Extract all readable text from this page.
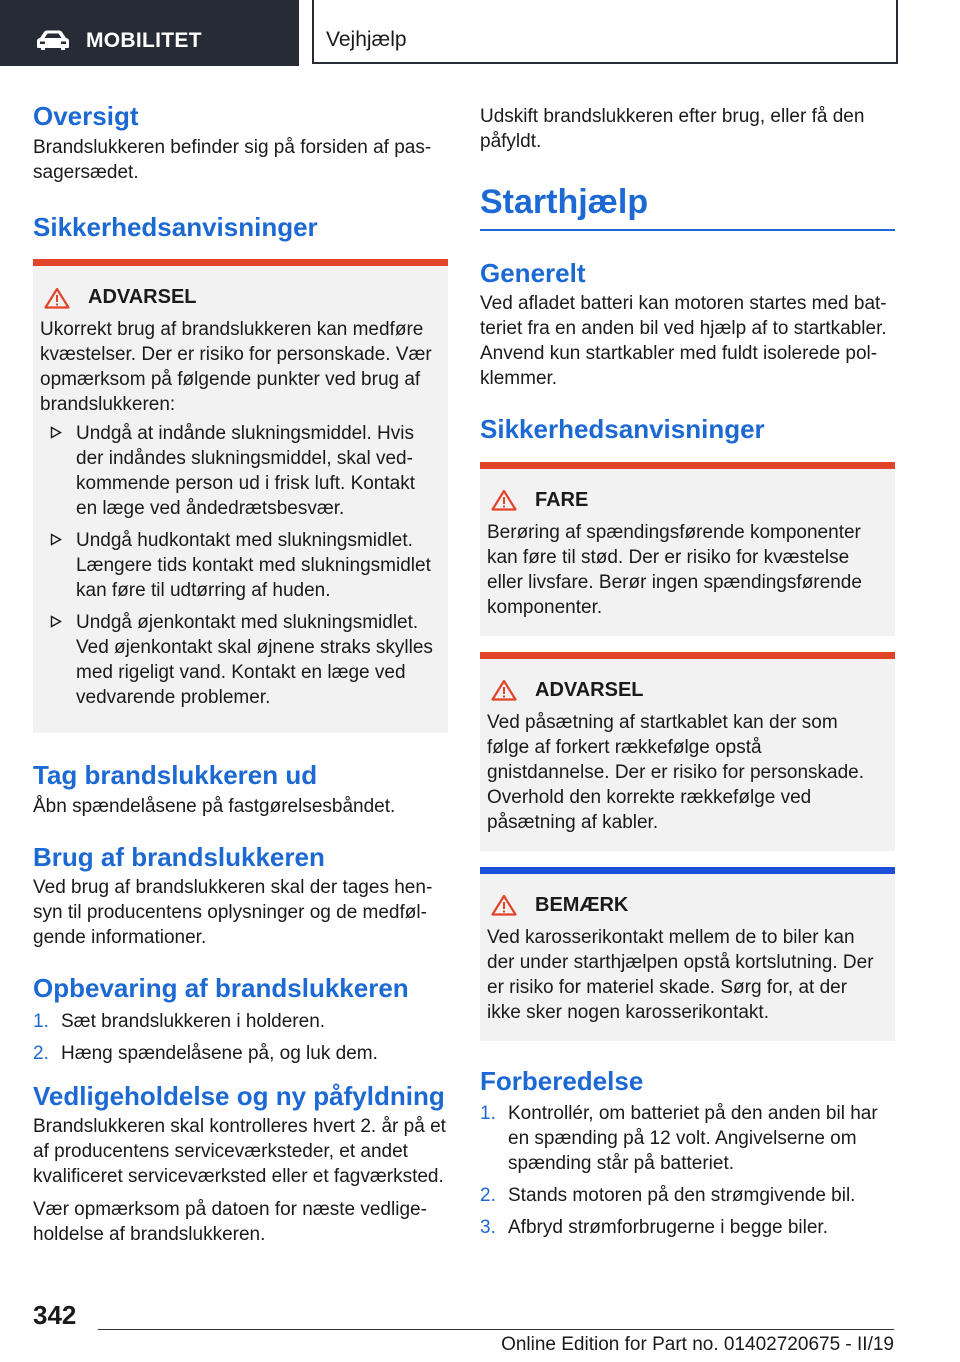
MOBILITET	Vejhjælp
Oversigt

Brandslukkeren befinder sig på forsiden af passagersædet.

Sikkerhedsanvisninger
ADVARSEL

Ukorrekt brug af brandslukkeren kan medføre kvæstelser. Der er risiko for personskade. Vær opmærksom på følgende punkter ved brug af brandslukkeren:

Undgå at indånde slukningsmiddel. Hvis der indåndes slukningsmiddel, skal vedkommende person ud i frisk luft. Kontakt en læge ved åndedrætsbesvær.
Undgå hudkontakt med slukningsmidlet. Længere tids kontakt med slukningsmidlet kan føre til udtørring af huden.
Undgå øjenkontakt med slukningsmidlet. Ved øjenkontakt skal øjnene straks skylles med rigeligt vand. Kontakt en læge ved vedvarende problemer.
Tag brandslukkeren ud

Åbn spændelåsene på fastgørelsesbåndet.

Brug af brandslukkeren

Ved brug af brandslukkeren skal der tages hensyn til producentens oplysninger og de medfølgende informationer.

Opbevaring af brandslukkeren
1. Sæt brandslukkeren i holderen.
2. Hæng spændelåsene på, og luk dem.
Vedligeholdelse og ny påfyldning

Brandslukkeren skal kontrolleres hvert 2. år på et af producentens serviceværksteder, et andet kvalificeret serviceværksted eller et fagværksted.

Vær opmærksom på datoen for næste vedligeholdelse af brandslukkeren.

Udskift brandslukkeren efter brug, eller få den påfyldt.

Starthjælp
Generelt

Ved afladet batteri kan motoren startes med batteriet fra en anden bil ved hjælp af to startkabler. Anvend kun startkabler med fuldt isolerede polklemmer.

Sikkerhedsanvisninger
FARE

Berøring af spændingsførende komponenter kan føre til stød. Der er risiko for kvæstelse eller livsfare. Berør ingen spændingsførende komponenter.

ADVARSEL

Ved påsætning af startkablet kan der som følge af forkert rækkefølge opstå gnistdannelse. Der er risiko for personskade. Overhold den korrekte rækkefølge ved påsætning af kabler.

BEMÆRK

Ved karosserikontakt mellem de to biler kan der under starthjælpen opstå kortslutning. Der er risiko for materiel skade. Sørg for, at der ikke sker nogen karosserikontakt.

Forberedelse
1. Kontrollér, om batteriet på den anden bil har en spænding på 12 volt. Angivelserne om spænding står på batteriet.
2. Stands motoren på den strømgivende bil.
3. Afbryd strømforbrugerne i begge biler.
342
Online Edition for Part no. 01402720675 - II/19
